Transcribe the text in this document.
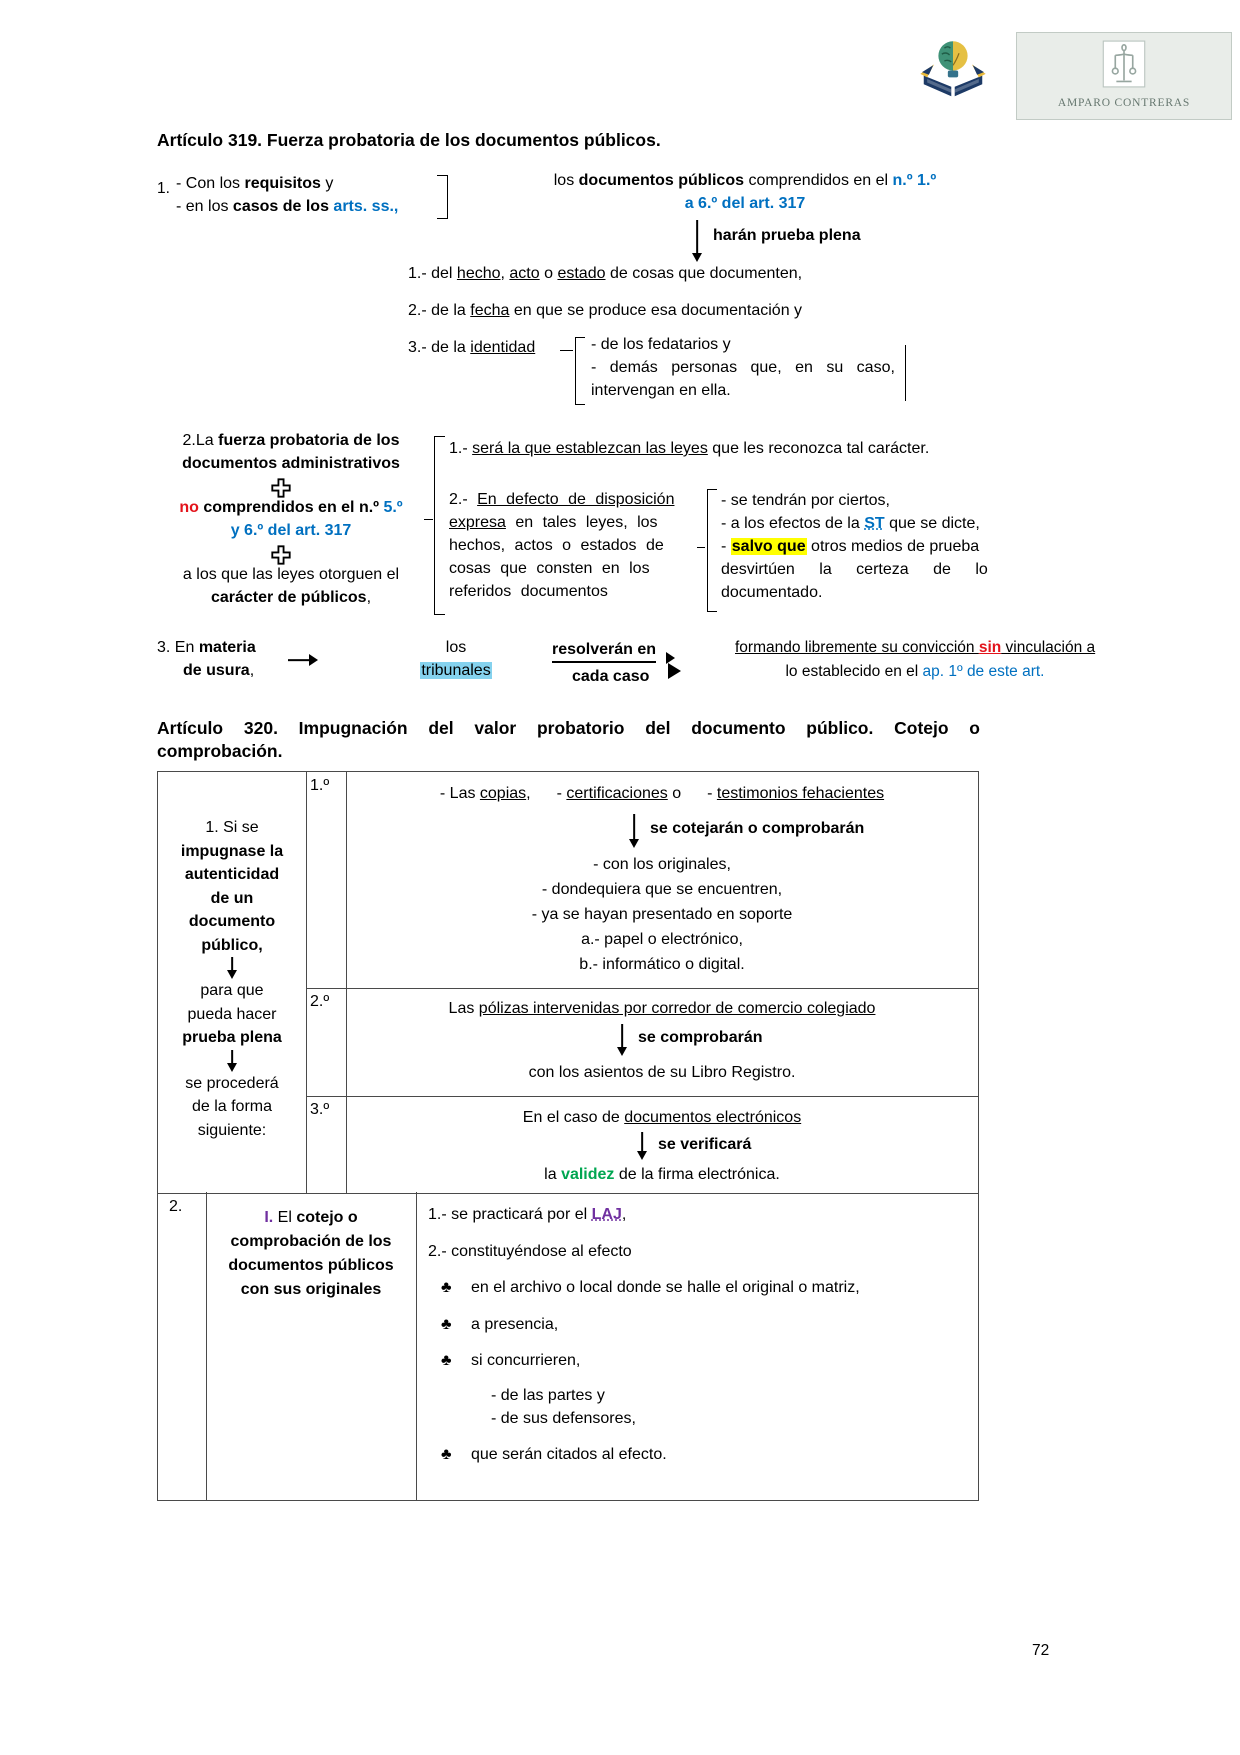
AMPARO CONTRERAS
Artículo 319. Fuerza probatoria de los documentos públicos.
1. - Con los requisitos y
- en los casos de los arts. ss.,
los documentos públicos comprendidos en el n.º 1.º
a 6.º del art. 317
harán prueba plena
1.- del hecho, acto o estado de cosas que documenten,
2.- de la fecha en que se produce esa documentación y
3.- de la identidad	- de los fedatarios y
- demás personas que, en su caso,
intervengan en ella.
2.La fuerza probatoria de los
documentos administrativos
no comprendidos en el n.º 5.º
y 6.º del art. 317
a los que las leyes otorguen el
carácter de públicos,
1.- será la que establezcan las leyes que les reconozca tal carácter.
2.- En defecto de disposición
expresa en tales leyes, los
hechos, actos o estados de
cosas que consten en los
referidos documentos
- se tendrán por ciertos,
- a los efectos de la ST que se dicte,
- salvo que otros medios de prueba
desvirtúen la certeza de lo
documentado.
3. En materia
de usura,
los
tribunales
resolverán en
cada caso
formando libremente su convicción sin vinculación a
lo establecido en el ap. 1º de este art.
Artículo 320. Impugnación del valor probatorio del documento público. Cotejo o
comprobación.
1. Si se
impugnase la
autenticidad
de un
documento
público,
para que
pueda hacer
prueba plena
se procederá
de la forma
siguiente:
1.º	- Las copias, - certificaciones o - testimonios fehacientes
se cotejarán o comprobarán
- con los originales,
- dondequiera que se encuentren,
- ya se hayan presentado en soporte
a.- papel o electrónico,
b.- informático o digital.
2.º	Las pólizas intervenidas por corredor de comercio colegiado
se comprobarán
con los asientos de su Libro Registro.
3.º	En el caso de documentos electrónicos
se verificará
la validez de la firma electrónica.
2.
I. El cotejo o
comprobación de los
documentos públicos
con sus originales
1.- se practicará por el LAJ,
2.- constituyéndose al efecto
♣ en el archivo o local donde se halle el original o matriz,
♣ a presencia,
♣ si concurrieren,
- de las partes y
- de sus defensores,
♣ que serán citados al efecto.
72
